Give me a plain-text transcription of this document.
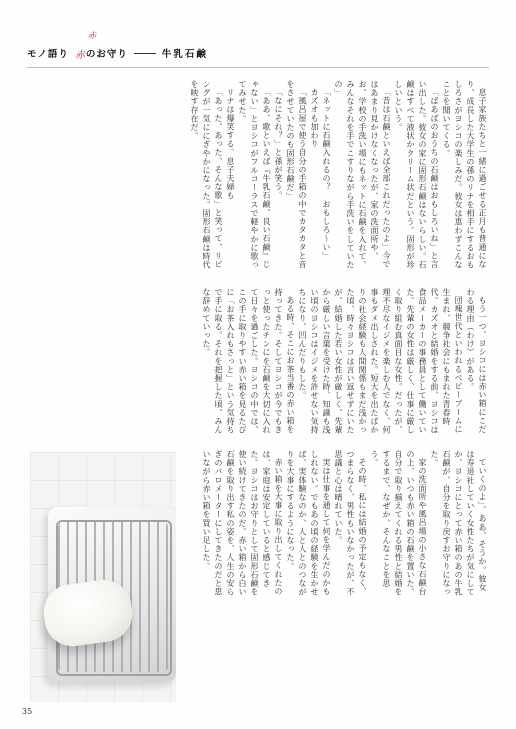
赤
モノ語り 赤 のお守り	牛乳石鹸

息子家族たちと一緒に過ごせる正月も普通になり、成長した大学生の孫のリナを相手にするおもしろさがヨシコの楽しみだ。彼女は恵わずこんなことを聞いてくる。

「ばあばのおうちの石鹸はおもしろいね」と言い出した。彼女の家に固形石鹸はないらしい。石鹸はすべて液状かクリーム状だという。固形が珍しいという。

「昔は石鹸といえば全部これだったのよ」今ではあまり見かけなくなったが、家の洗面所や、お、学校の手洗い場にもネットに石鹸を入れて、みんなそれを手でこすりながら手洗いをしていたの」

「ネットに石鹸入れるの？　おもしろ～い」

カズオも加わり

「風呂屋で使う自分の手箱の中でカタカタと音をさせていたのも固形石鹸だ」

「なにそれ？」と孫が笑う。

「ああ、歌といえば『牛乳石鹸、良い石鹸』じゃない」とヨシコがフルコーラスで軽やかに歌ってみせた。

リナは爆笑する。息子夫婦も

「あった、あった、そんな歌」と笑って、リビングが一気ににぎやかになった。固形石鹸は時代を映す存在だ。

もう一つ、ヨシコには赤い箱にこだわる理由（わけ）がある。

団塊世代といわれるベビーブームに生まれ、競争社会にもまれた青春時代。カズオと結婚をする前、ヨシコは食品メーカーの事務員として働いていた。先輩の女性は厳しく、仕事に厳しく取り組む真面目な女性。だったが、理不尽なイジメを楽しむ人でなく、何事もダメ出しされた。短大を出たばかりの社会経験も人間関係もまだ浅かった頃、時々ヨシコは言い返せずにいたが、結婚した若い女性が厳しく、先輩から厳しい言葉を受けた時、知識も浅い頃のヨシコはイジメを許せない気持ちになり、凹んだりもした。

ある時、そこにお茶当番の赤い箱を持ってきた。そしてヨシコが今でもきっと使ったチンにを石鹸を大切に入れて日々を過ごした。ヨシコの中では、この手に取りやすい赤い箱を見るたびに「お茶入れもさっと」という気持ちで手に取る。それを把握した頃、みんな辞めていった。

ていくのよ」。ああ、そうか。彼女は寿退社していく女性たちが気にしてか、ヨシコにとって赤い箱のあの牛乳石鹸が、自分を取り戻すお守りになった。

家の洗面所や風呂場の小さな石鹸台の上、いつも赤い箱の石鹸を置いた。自分で取り揃えてくれる男性と結婚をするまで、なぜか、そんなことを思う。

その時、私には結婚の予定もなく、つまらなく、男性もいなかったが、不思議と心は晴れていた。

実は仕事を通して何を学んだのかもしれない。でもあの頃の経験を生かせば、実体験なのか、人と人とのつながりを大事にするようになった。

赤い箱を大事に取り出してくれたのは、家庭は安定していると感じてきた。ヨシコはお守りとして固形石鹸を使い続けてきたのだ。赤い箱から白い石鹸を取り出す私の姿を、人生の安らぎのバロメーターにしてきたのだと思いながら赤い箱を買い足した。

35
